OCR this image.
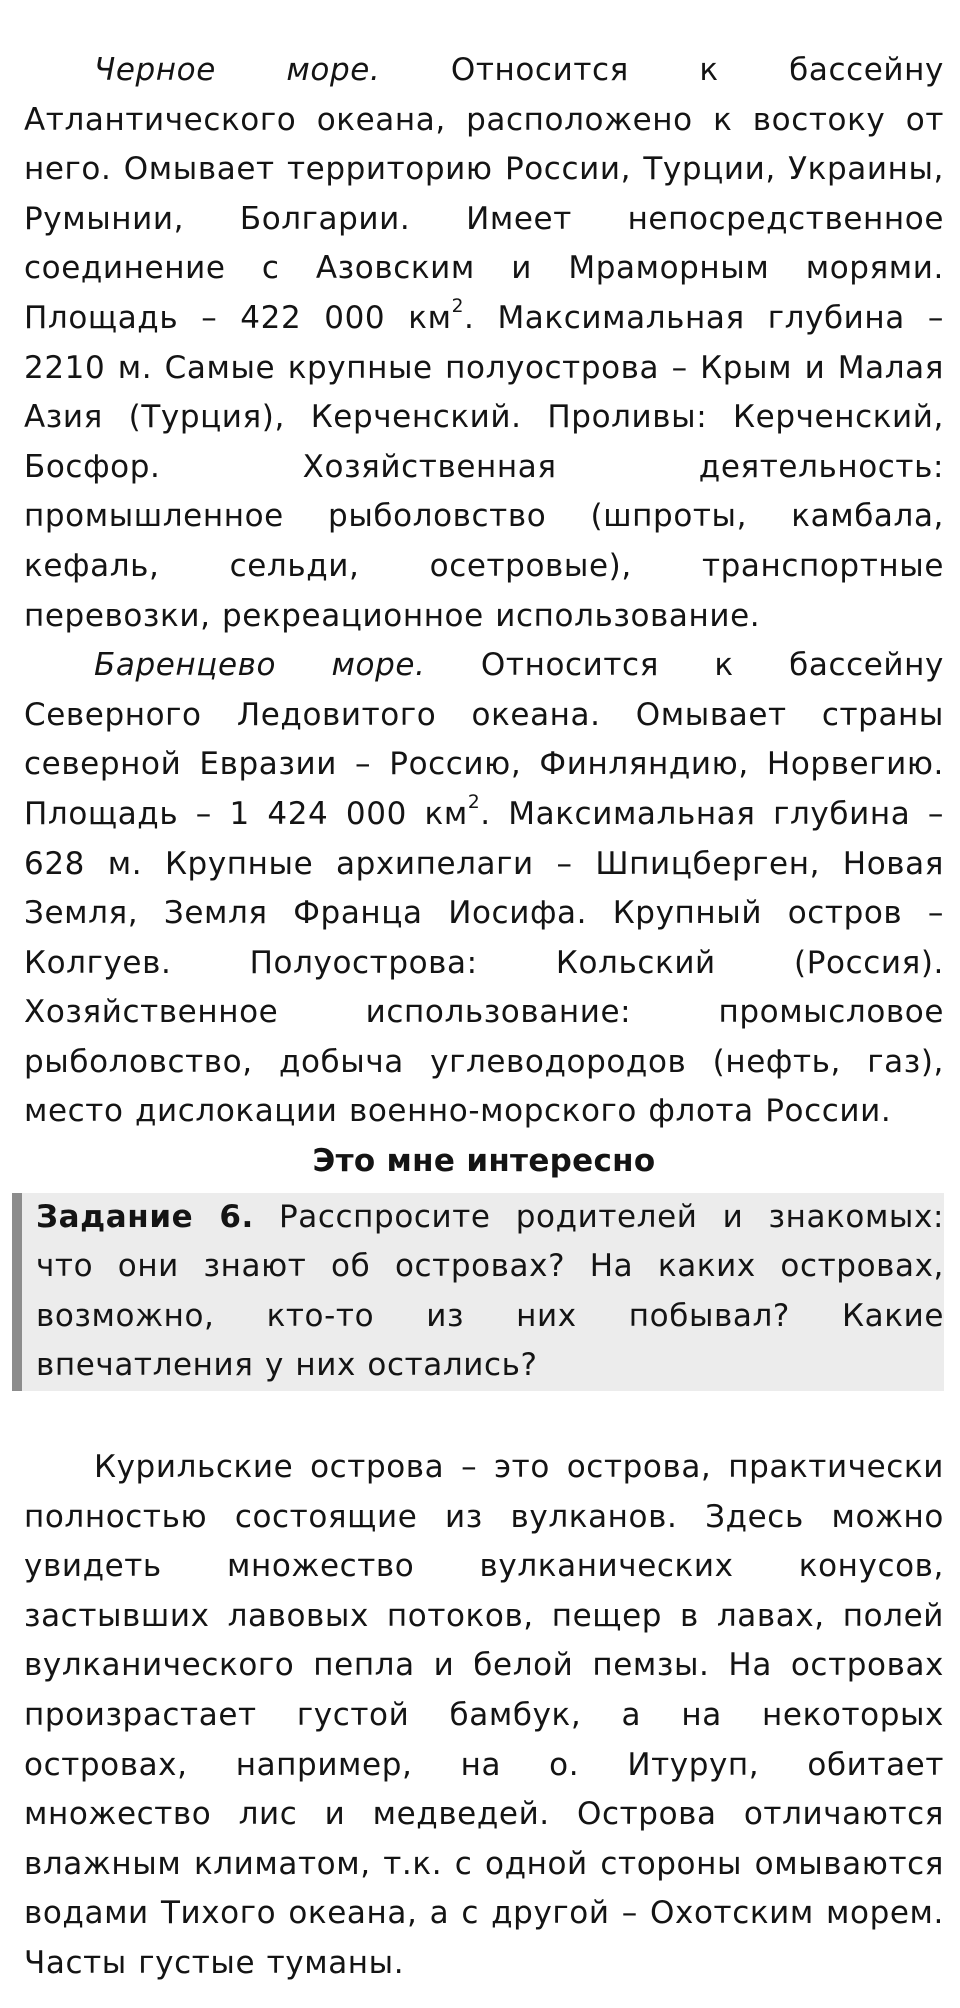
Черное море. Относится к бассейну Атлантического океана, расположено к востоку от него. Омывает территорию России, Турции, Украины, Румынии, Болгарии. Имеет непосредственное соединение с Азовским и Мраморным морями. Площадь – 422 000 $км^2$. Максимальная глубина – 2210 м. Самые крупные полуострова – Крым и Малая Азия (Турция), Керченский. Проливы: Керченский, Босфор. Хозяйственная деятельность: промышленное рыболовство (шпроты, камбала, кефаль, сельди, осетровые), транспортные перевозки, рекреационное использование.

Баренцево море. Относится к бассейну Северного Ледовитого океана. Омывает страны северной Евразии – Россию, Финляндию, Норвегию. Площадь – 1 424 000 $км^2$. Максимальная глубина – 628 м. Крупные архипелаги – Шпицберген, Новая Земля, Земля Франца Иосифа. Крупный остров – Колгуев. Полуострова: Кольский (Россия). Хозяйственное использование: промысловое рыболовство, добыча углеводородов (нефть, газ), место дислокации военно-морского флота России.

Это мне интересно

Задание 6. Расспросите родителей и знакомых: что они знают об островах? На каких островах, возможно, кто-то из них побывал? Какие впечатления у них остались?

Курильские острова – это острова, практически полностью состоящие из вулканов. Здесь можно увидеть множество вулканических конусов, застывших лавовых потоков, пещер в лавах, полей вулканического пепла и белой пемзы. На островах произрастает густой бамбук, а на некоторых островах, например, на о. Итуруп, обитает множество лис и медведей. Острова отличаются влажным климатом, т.к. с одной стороны омываются водами Тихого океана, а с другой – Охотским морем. Часты густые туманы.
